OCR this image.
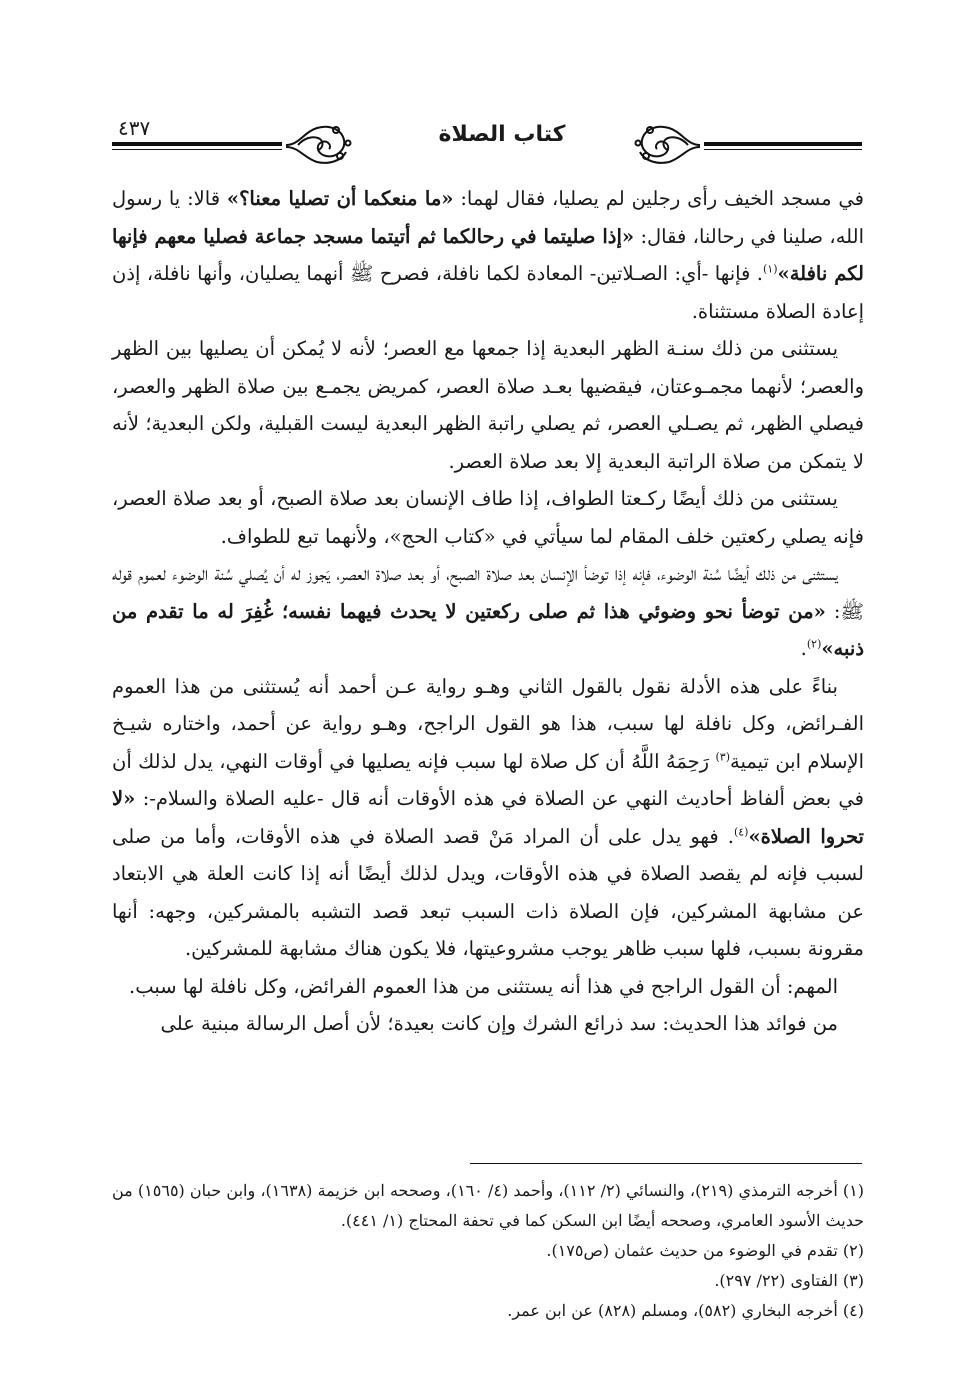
٤٣٧	كتاب الصلاة

في مسجد الخيف رأى رجلين لم يصليا، فقال لهما: «ما منعكما أن تصليا معنا؟» قالا: يا رسول الله، صلينا في رحالنا، فقال: «إذا صليتما في رحالكما ثم أتيتما مسجد جماعة فصليا معهم فإنها لكم نافلة»$^{(١)}$. فإنها -أي: الصـلاتين- المعادة لكما نافلة، فصرح ﷺ أنهما يصليان، وأنها نافلة، إذن إعادة الصلاة مستثناة.

يستثنى من ذلك سنـة الظهر البعدية إذا جمعها مع العصر؛ لأنه لا يُمكن أن يصليها بين الظهر والعصر؛ لأنهما مجمـوعتان، فيقضيها بعـد صلاة العصر، كمريض يجمـع بين صلاة الظهر والعصر، فيصلي الظهر، ثم يصـلي العصر، ثم يصلي راتبة الظهر البعدية ليست القبلية، ولكن البعدية؛ لأنه لا يتمكن من صلاة الراتبة البعدية إلا بعد صلاة العصر.

يستثنى من ذلك أيضًا ركـعتا الطواف، إذا طاف الإنسان بعد صلاة الصبح، أو بعد صلاة العصر، فإنه يصلي ركعتين خلف المقام لما سيأتي في «كتاب الحج»، ولأنهما تبع للطواف.

يستثنى من ذلك أيضًا سُنة الوضوء، فإنه إذا توضأ الإنسان بعد صلاة الصبح، أو بعد صلاة العصر، يَجوز له أن يُصلي سُنة الوضوء لعموم قوله ﷺ: «من توضأ نحو وضوئي هذا ثم صلى ركعتين لا يحدث فيهما نفسه؛ غُفِرَ له ما تقدم من ذنبه»$^{(٢)}$.

بناءً على هذه الأدلة نقول بالقول الثاني وهـو رواية عـن أحمد أنه يُستثنى من هذا العموم الفـرائض، وكل نافلة لها سبب، هذا هو القول الراجح، وهـو رواية عن أحمد، واختاره شيـخ الإسلام ابن تيمية$^{(٣)}$ رَحِمَهُ اللَّهُ أن كل صلاة لها سبب فإنه يصليها في أوقات النهي، يدل لذلك أن في بعض ألفاظ أحاديث النهي عن الصلاة في هذه الأوقات أنه قال -عليه الصلاة والسلام-: «لا تحروا الصلاة»$^{(٤)}$. فهو يدل على أن المراد مَنْ قصد الصلاة في هذه الأوقات، وأما من صلى لسبب فإنه لم يقصد الصلاة في هذه الأوقات، ويدل لذلك أيضًا أنه إذا كانت العلة هي الابتعاد عن مشابهة المشركين، فإن الصلاة ذات السبب تبعد قصد التشبه بالمشركين، وجهه: أنها مقرونة بسبب، فلها سبب ظاهر يوجب مشروعيتها، فلا يكون هناك مشابهة للمشركين.

المهم: أن القول الراجح في هذا أنه يستثنى من هذا العموم الفرائض، وكل نافلة لها سبب.

من فوائد هذا الحديث: سد ذرائع الشرك وإن كانت بعيدة؛ لأن أصل الرسالة مبنية على

(١) أخرجه الترمذي (٢١٩)، والنسائي (٢/ ١١٢)، وأحمد (٤/ ١٦٠)، وصححه ابن خزيمة (١٦٣٨)، وابن حبان (١٥٦٥) من حديث الأسود العامري، وصححه أيضًا ابن السكن كما في تحفة المحتاج (١/ ٤٤١).

(٢) تقدم في الوضوء من حديث عثمان (ص١٧٥).

(٣) الفتاوى (٢٢/ ٢٩٧).

(٤) أخرجه البخاري (٥٨٢)، ومسلم (٨٢٨) عن ابن عمر.
